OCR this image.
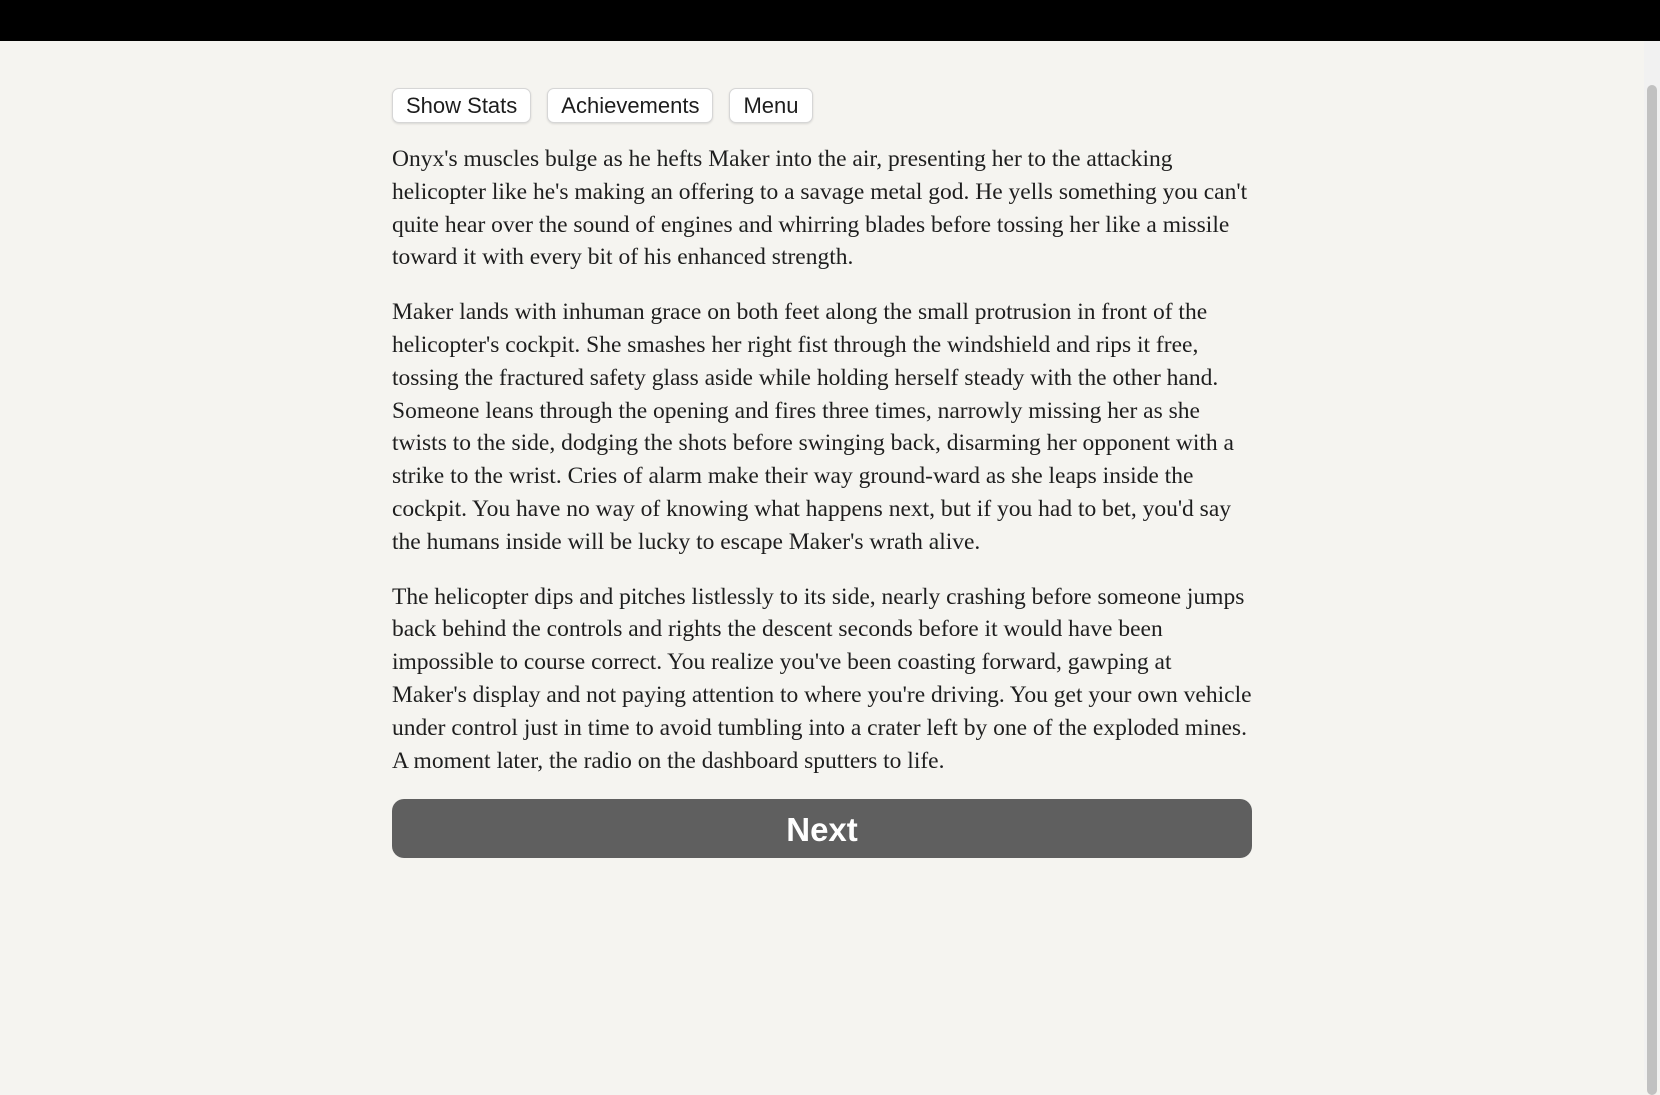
Show Stats	Achievements	Menu

Onyx's muscles bulge as he hefts Maker into the air, presenting her to the attacking helicopter like he's making an offering to a savage metal god. He yells something you can't quite hear over the sound of engines and whirring blades before tossing her like a missile toward it with every bit of his enhanced strength.

Maker lands with inhuman grace on both feet along the small protrusion in front of the helicopter's cockpit. She smashes her right fist through the windshield and rips it free, tossing the fractured safety glass aside while holding herself steady with the other hand. Someone leans through the opening and fires three times, narrowly missing her as she twists to the side, dodging the shots before swinging back, disarming her opponent with a strike to the wrist. Cries of alarm make their way ground-ward as she leaps inside the cockpit. You have no way of knowing what happens next, but if you had to bet, you'd say the humans inside will be lucky to escape Maker's wrath alive.

The helicopter dips and pitches listlessly to its side, nearly crashing before someone jumps back behind the controls and rights the descent seconds before it would have been impossible to course correct. You realize you've been coasting forward, gawping at Maker's display and not paying attention to where you're driving. You get your own vehicle under control just in time to avoid tumbling into a crater left by one of the exploded mines. A moment later, the radio on the dashboard sputters to life.

Next
